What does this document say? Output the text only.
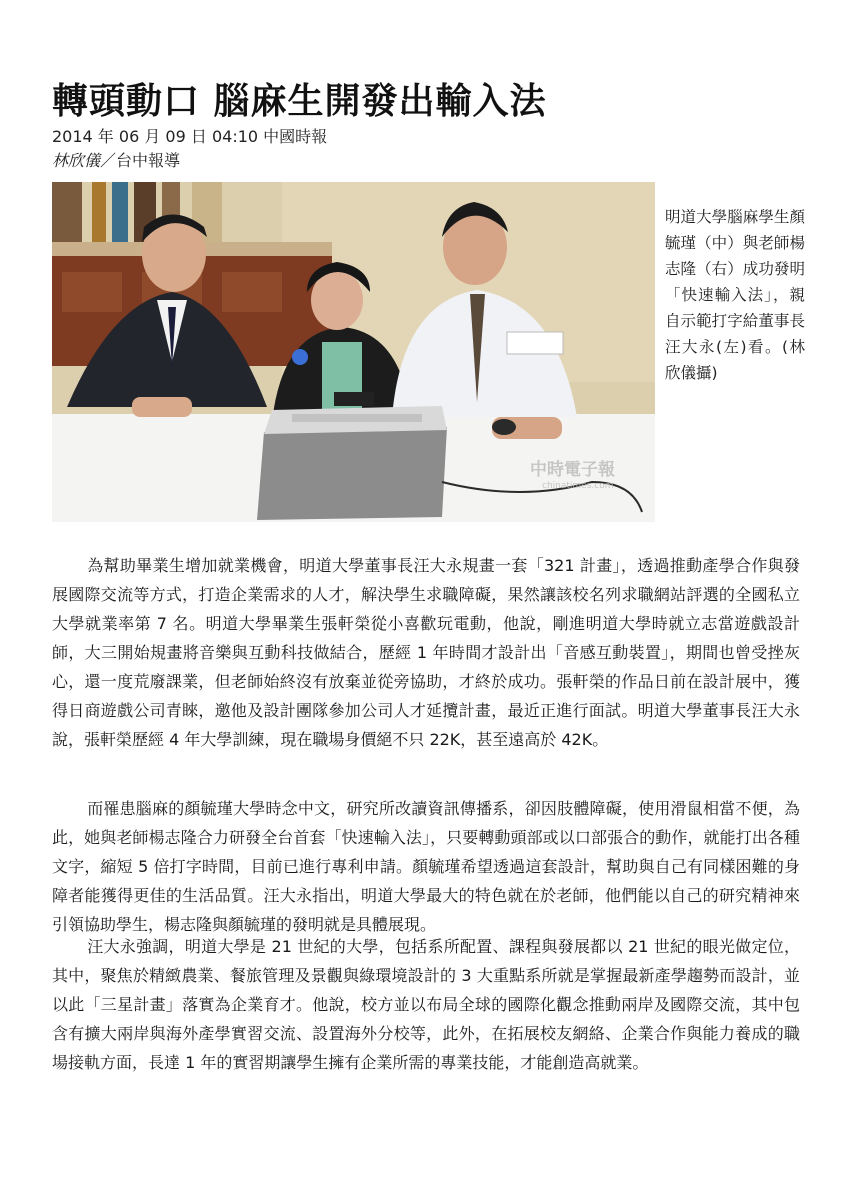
轉頭動口 腦麻生開發出輸入法
2014 年 06 月 09 日 04:10 中國時報
林欣儀／台中報導
中時電子報
chinatimes.com
明道大學腦麻學生顏毓瑾（中）與老師楊志隆（右）成功發明「快速輸入法」，親自示範打字給董事長汪大永(左)看。(林欣儀攝)

為幫助畢業生增加就業機會，明道大學董事長汪大永規畫一套「321 計畫」，透過推動產學合作與發展國際交流等方式，打造企業需求的人才，解決學生求職障礙，果然讓該校名列求職網站評選的全國私立大學就業率第 7 名。明道大學畢業生張軒榮從小喜歡玩電動，他說，剛進明道大學時就立志當遊戲設計師，大三開始規畫將音樂與互動科技做結合，歷經 1 年時間才設計出「音感互動裝置」，期間也曾受挫灰心，還一度荒廢課業，但老師始終沒有放棄並從旁協助，才終於成功。張軒榮的作品日前在設計展中，獲得日商遊戲公司青睞，邀他及設計團隊參加公司人才延攬計畫，最近正進行面試。明道大學董事長汪大永說，張軒榮歷經 4 年大學訓練，現在職場身價絕不只 22K，甚至遠高於 42K。

而罹患腦麻的顏毓瑾大學時念中文，研究所改讀資訊傳播系，卻因肢體障礙，使用滑鼠相當不便，為此，她與老師楊志隆合力研發全台首套「快速輸入法」，只要轉動頭部或以口部張合的動作，就能打出各種文字，縮短 5 倍打字時間，目前已進行專利申請。顏毓瑾希望透過這套設計，幫助與自己有同樣困難的身障者能獲得更佳的生活品質。汪大永指出，明道大學最大的特色就在於老師，他們能以自己的研究精神來引領協助學生，楊志隆與顏毓瑾的發明就是具體展現。

汪大永強調，明道大學是 21 世紀的大學，包括系所配置、課程與發展都以 21 世紀的眼光做定位，其中，聚焦於精緻農業、餐旅管理及景觀與綠環境設計的 3 大重點系所就是掌握最新產學趨勢而設計，並以此「三星計畫」落實為企業育才。他說，校方並以布局全球的國際化觀念推動兩岸及國際交流，其中包含有擴大兩岸與海外產學實習交流、設置海外分校等，此外，在拓展校友網絡、企業合作與能力養成的職場接軌方面，長達 1 年的實習期讓學生擁有企業所需的專業技能，才能創造高就業。
